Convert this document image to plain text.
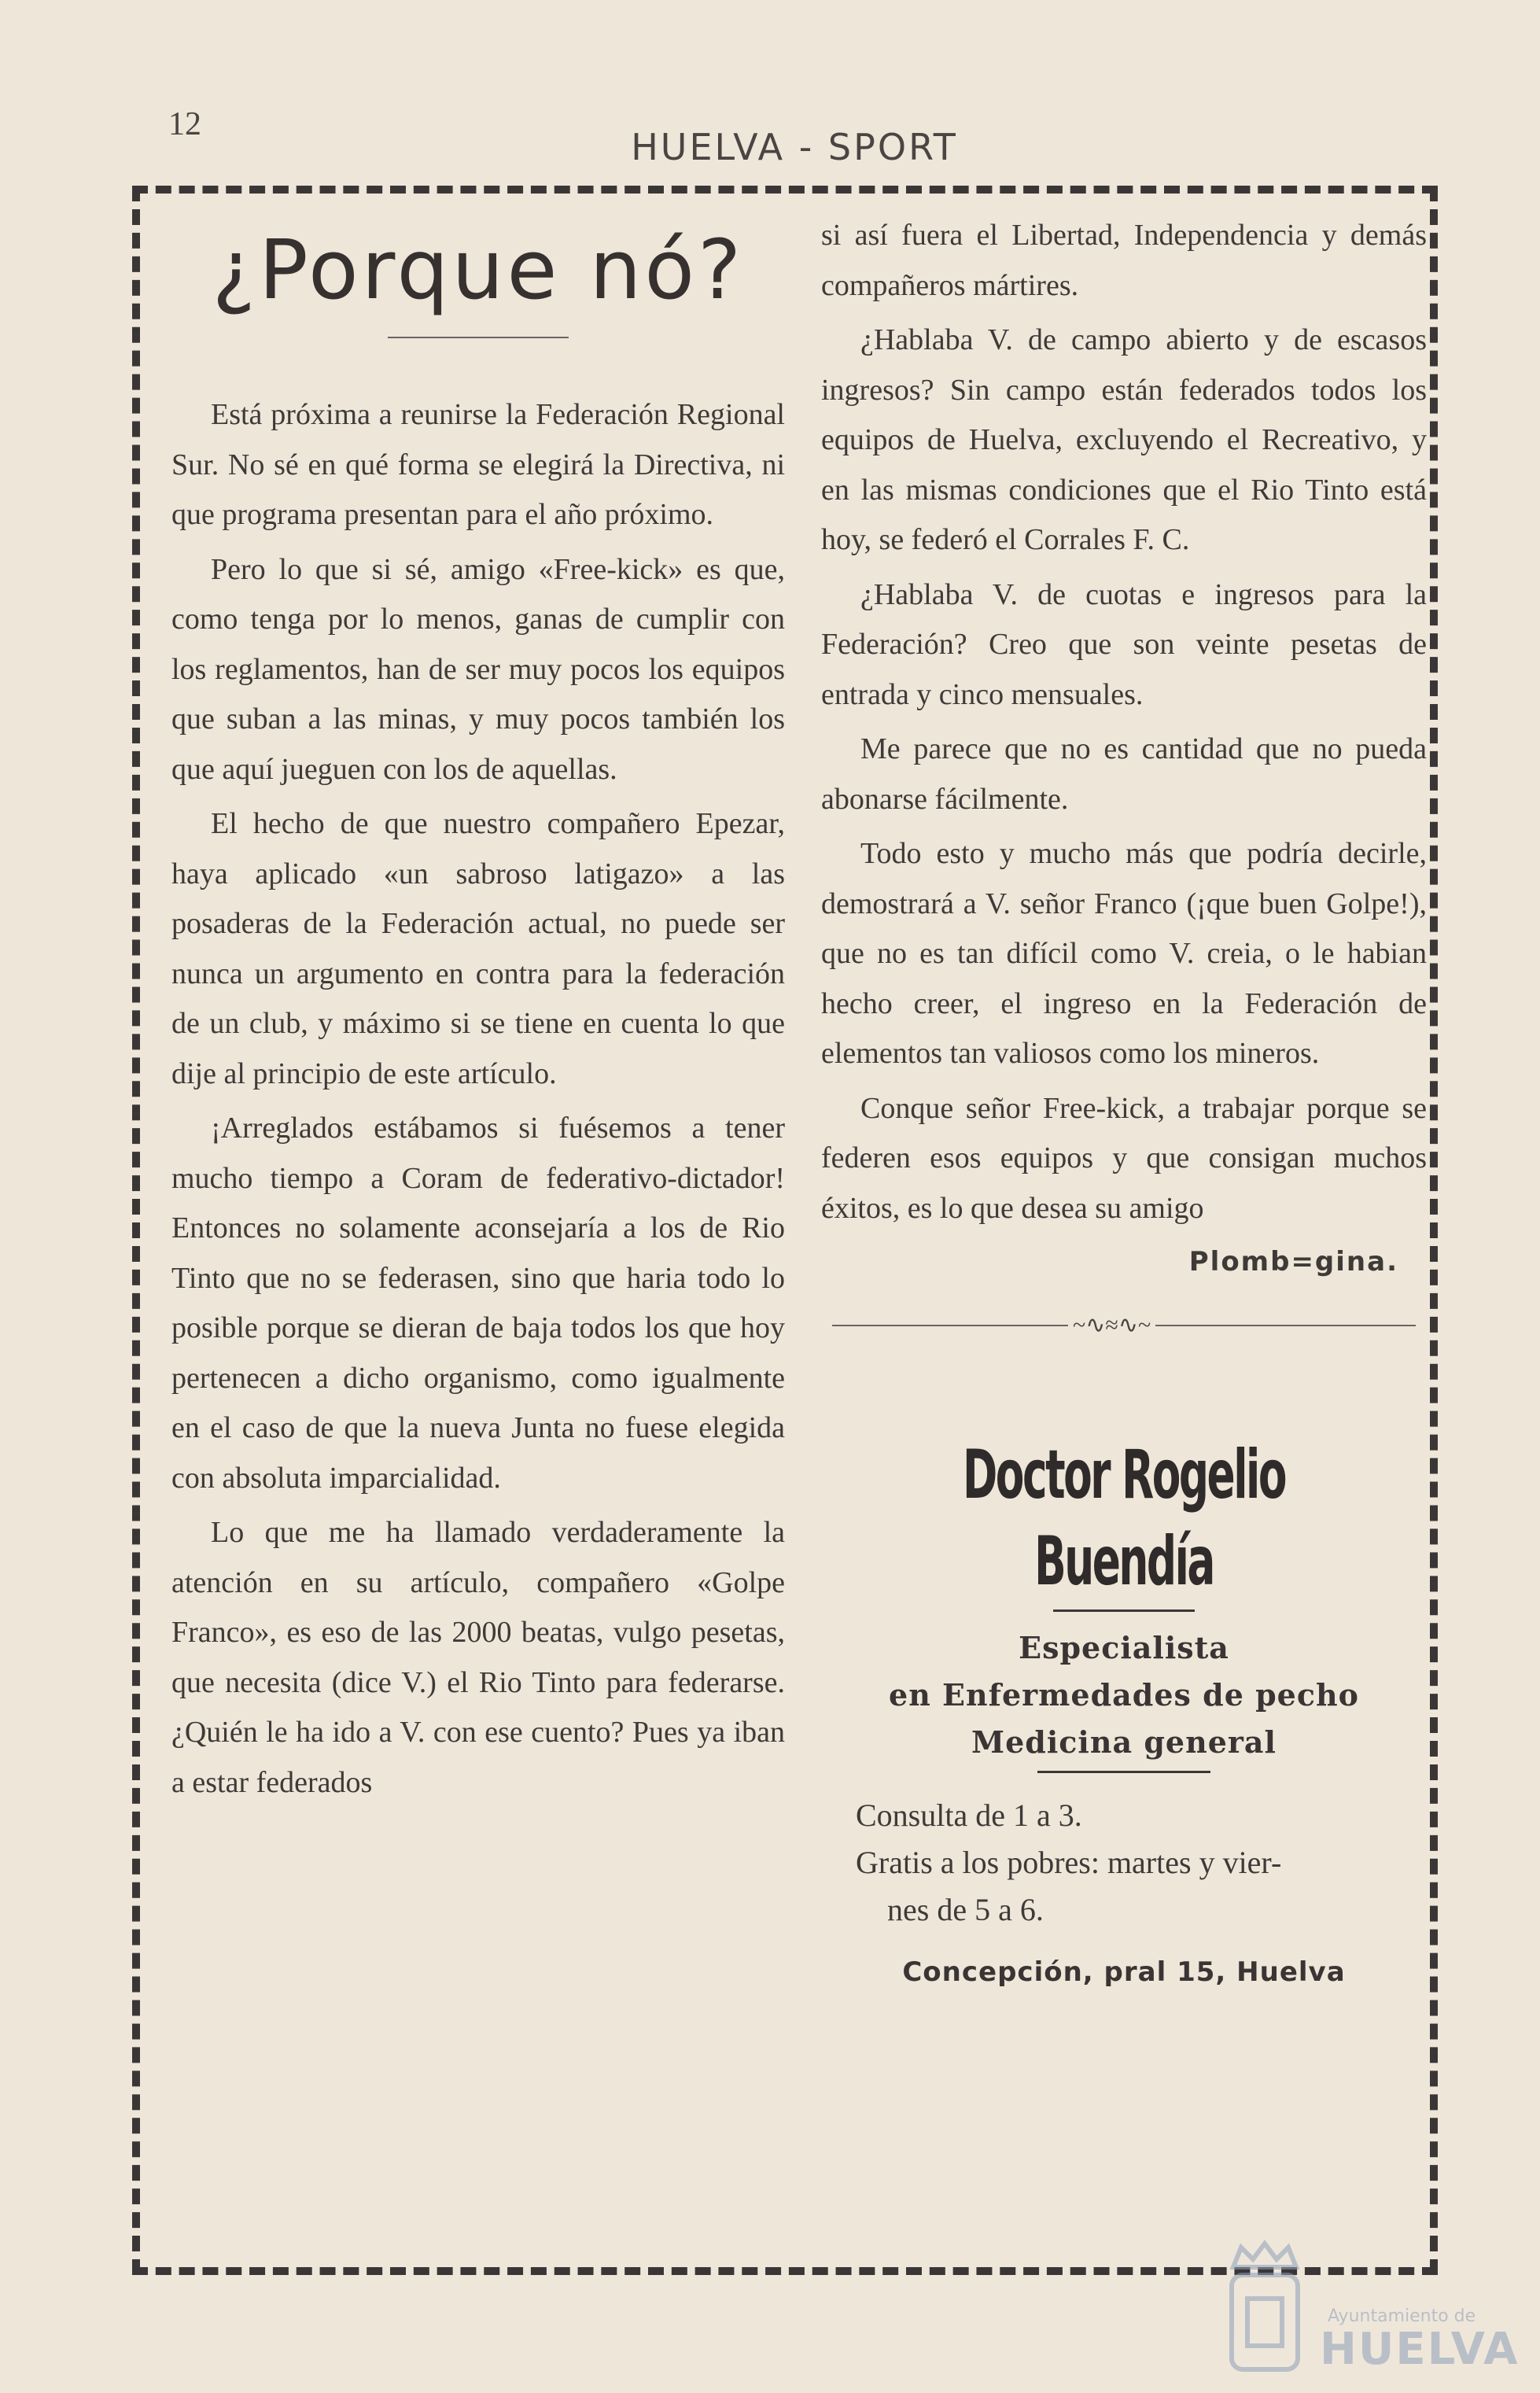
12
HUELVA - SPORT
¿Porque nó?

Está próxima a reunirse la Federación Regional Sur. No sé en qué forma se elegirá la Directiva, ni que programa presentan para el año próximo.

Pero lo que si sé, amigo «Free-kick» es que, como tenga por lo menos, ganas de cumplir con los reglamentos, han de ser muy pocos los equipos que suban a las minas, y muy pocos también los que aquí jueguen con los de aquellas.

El hecho de que nuestro compañero Epezar, haya aplicado «un sabroso latigazo» a las posaderas de la Federación actual, no puede ser nunca un argumento en contra para la federación de un club, y máximo si se tiene en cuenta lo que dije al principio de este artículo.

¡Arreglados estábamos si fuésemos a tener mucho tiempo a Coram de federativo-dictador! Entonces no solamente aconsejaría a los de Rio Tinto que no se federasen, sino que haria todo lo posible porque se dieran de baja todos los que hoy pertenecen a dicho organismo, como igualmente en el caso de que la nueva Junta no fuese elegida con absoluta imparcialidad.

Lo que me ha llamado verdaderamente la atención en su artículo, compañero «Golpe Franco», es eso de las 2000 beatas, vulgo pesetas, que necesita (dice V.) el Rio Tinto para federarse. ¿Quién le ha ido a V. con ese cuento? Pues ya iban a estar federados

si así fuera el Libertad, Independencia y demás compañeros mártires.

¿Hablaba V. de campo abierto y de escasos ingresos? Sin campo están federados todos los equipos de Huelva, excluyendo el Recreativo, y en las mismas condiciones que el Rio Tinto está hoy, se federó el Corrales F. C.

¿Hablaba V. de cuotas e ingresos para la Federación? Creo que son veinte pesetas de entrada y cinco mensuales.

Me parece que no es cantidad que no pueda abonarse fácilmente.

Todo esto y mucho más que podría decirle, demostrará a V. señor Franco (¡que buen Golpe!), que no es tan difícil como V. creia, o le habian hecho creer, el ingreso en la Federación de elementos tan valiosos como los mineros.

Conque señor Free-kick, a trabajar porque se federen esos equipos y que consigan muchos éxitos, es lo que desea su amigo

Plomb=gina.
~∿≈∿~
Doctor Rogelio Buendía
Especialista
en Enfermedades de pecho
Medicina general
Consulta de 1 a 3.
Gratis a los pobres: martes y vier-
nes de 5 a 6.
Concepción, pral 15, Huelva
Ayuntamiento de
HUELVA
